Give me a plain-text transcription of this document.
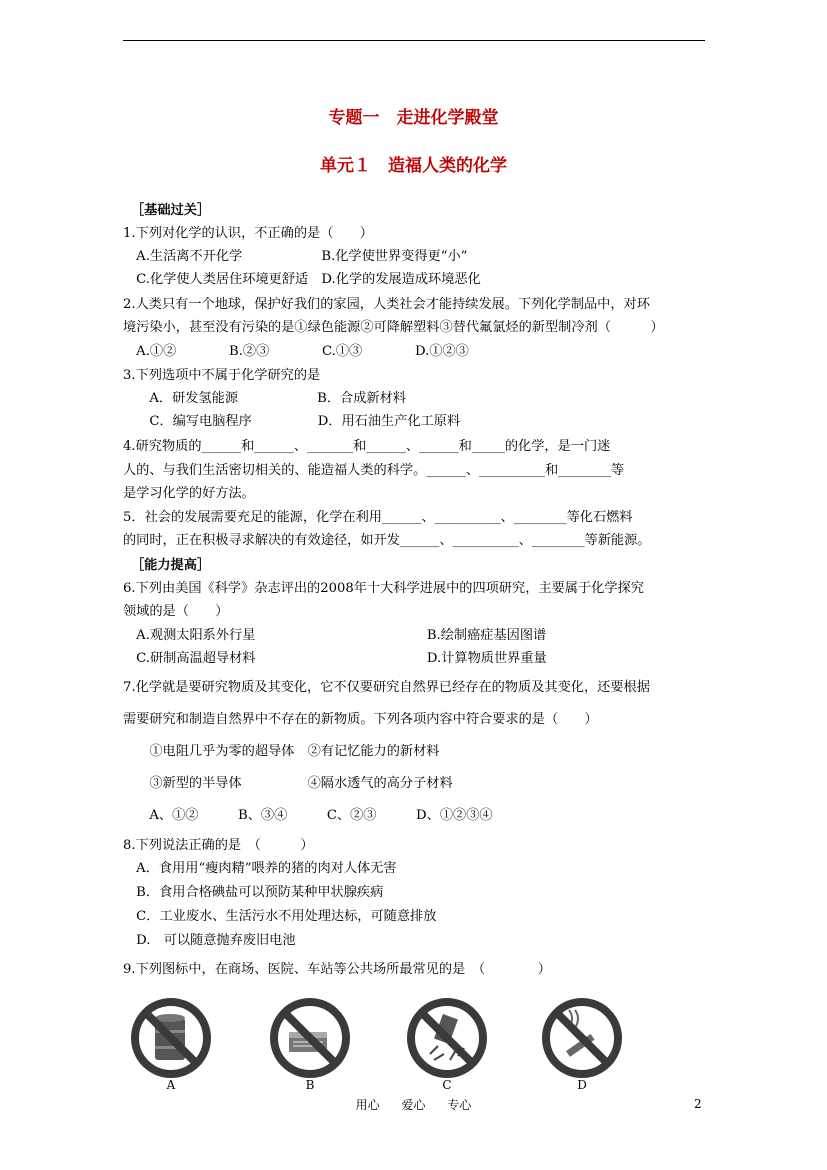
专题一　走进化学殿堂
单元１　造福人类的化学
［基础过关］
1.下列对化学的认识，不正确的是（　　）
　A.生活离不开化学　　　　　　B.化学使世界变得更“小”
　C.化学使人类居住环境更舒适　D.化学的发展造成环境恶化
2.人类只有一个地球，保护好我们的家园，人类社会才能持续发展。下列化学制品中，对环
境污染小，甚至没有污染的是①绿色能源②可降解塑料③替代氟氯烃的新型制冷剂（　　　）
　A.①②　　　　B.②③　　　　C.①③　　　　D.①②③
3.下列选项中不属于化学研究的是
　　A．研发氢能源　　　　　　B．合成新材料
　　C．编写电脑程序　　　　　D．用石油生产化工原料
4.研究物质的______和______、_______和______、______和_____的化学，是一门迷
人的、与我们生活密切相关的、能造福人类的科学。______、__________和________等
是学习化学的好方法。
5．社会的发展需要充足的能源，化学在利用______、__________、________等化石燃料
的同时，正在积极寻求解决的有效途径，如开发______、__________、________等新能源。
［能力提高］
6.下列由美国《科学》杂志评出的2008年十大科学进展中的四项研究，主要属于化学探究
领域的是（　　）
　A.观测太阳系外行星　　　　　　　　　　　　　B.绘制癌症基因图谱
　C.研制高温超导材料　　　　　　　　　　　　　D.计算物质世界重量
7.化学就是要研究物质及其变化，它不仅要研究自然界已经存在的物质及其变化，还要根据
需要研究和制造自然界中不存在的新物质。下列各项内容中符合要求的是（　　）
　　①电阻几乎为零的超导体　②有记忆能力的新材料
　　③新型的半导体　　　　　④隔水透气的高分子材料
　　A、①②　　　B、③④　　　C、②③　　　D、①②③④
8.下列说法正确的是　（　　　）
　A．食用用“瘦肉精”喂养的猪的肉对人体无害
　B．食用合格碘盐可以预防某种甲状腺疾病
　C．工业废水、生活污水不用处理达标，可随意排放
　D.　可以随意抛弃废旧电池
9.下列图标中，在商场、医院、车站等公共场所最常见的是　（　　　　）
A	B	C	D
用心 爱心 专心	2
